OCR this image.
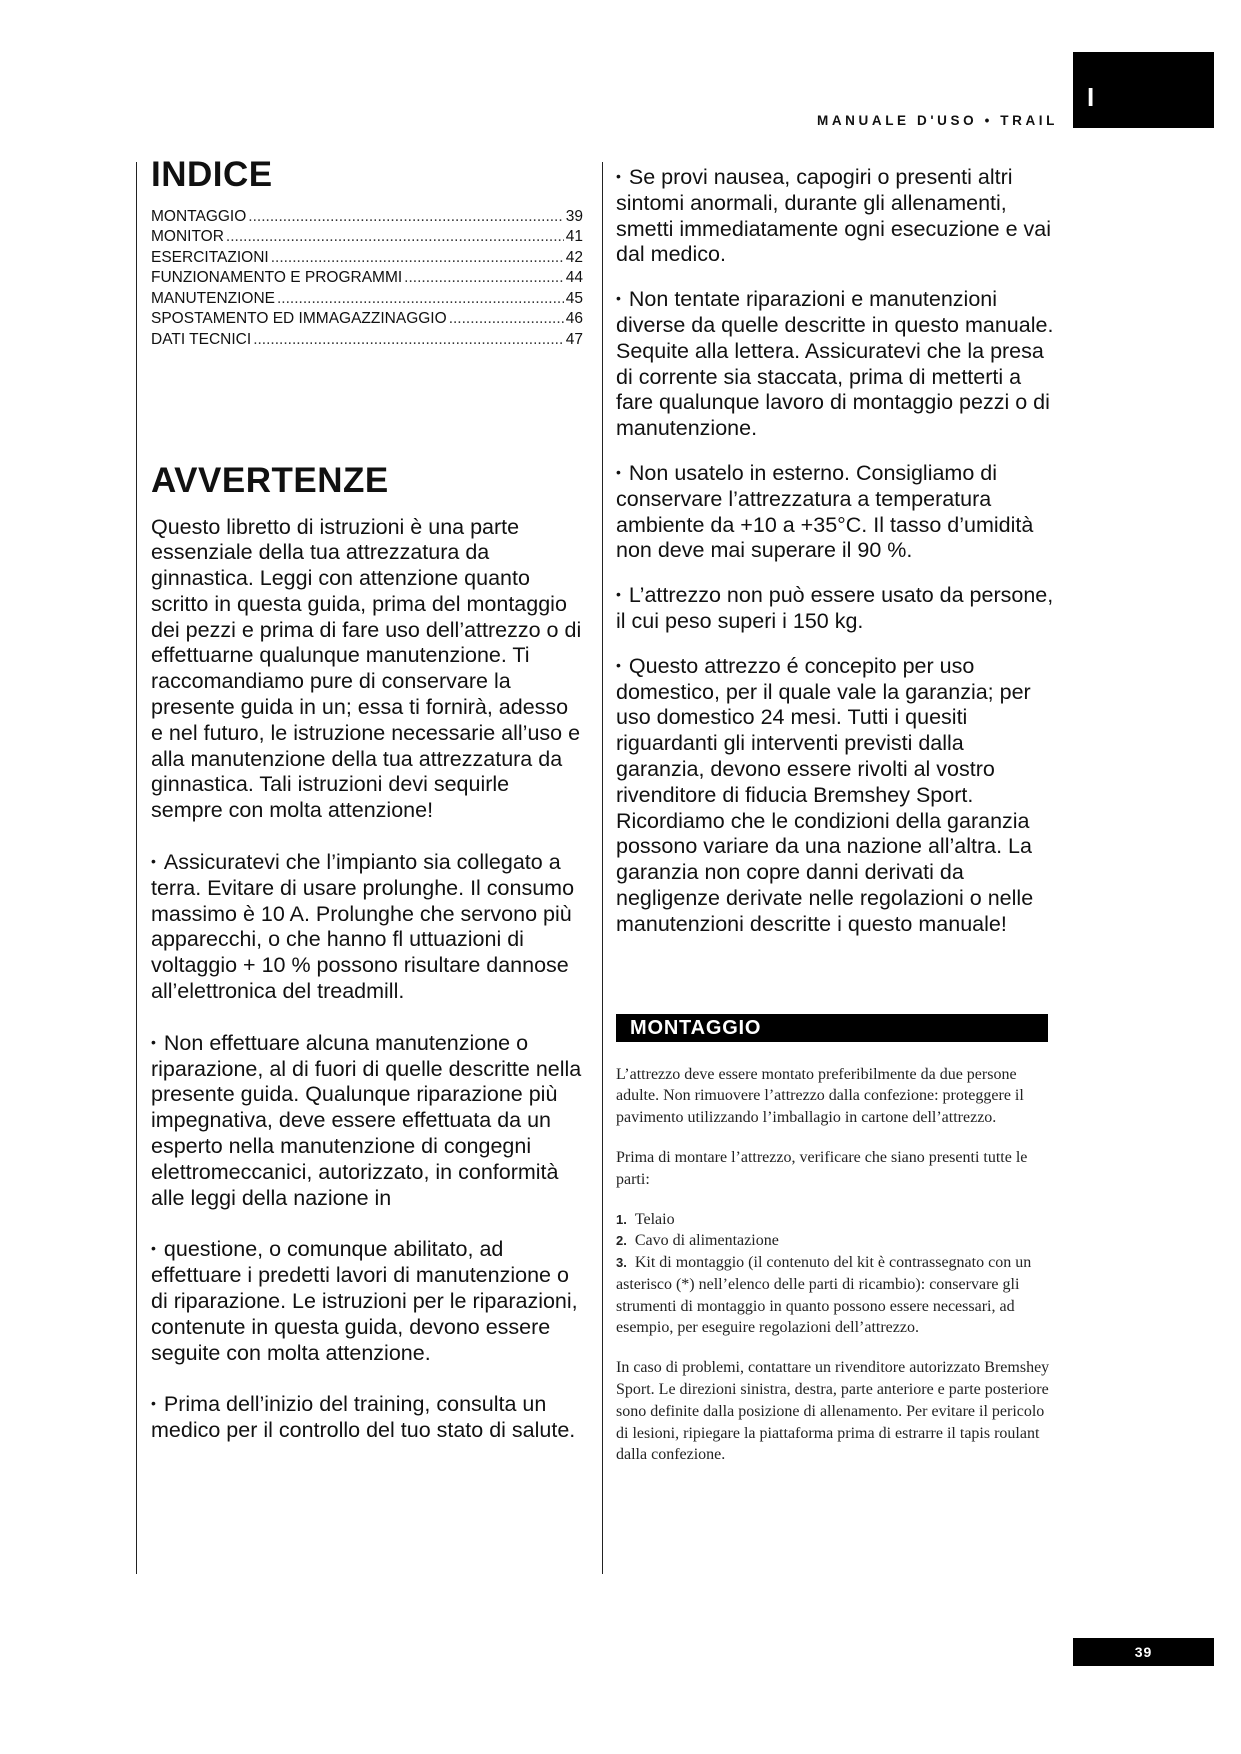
I
MANUALE D'USO • TRAIL
INDICE
MONTAGGIO .....	39
MONITOR .....	41
ESERCITAZIONI .....	42
FUNZIONAMENTO E PROGRAMMI .....	44
MANUTENZIONE .....	45
SPOSTAMENTO ED IMMAGAZZINAGGIO .....	46
DATI TECNICI .....	47
AVVERTENZE

Questo libretto di istruzioni è una parte essenziale della tua attrezzatura da ginnastica. Leggi con attenzione quanto scritto in questa guida, prima del montaggio dei pezzi e prima di fare uso dell’attrezzo o di effettuarne qualunque manutenzione. Ti raccomandiamo pure di conservare la presente guida in un; essa ti fornirà, adesso e nel futuro, le istruzione necessarie all’uso e alla manutenzione della tua attrezzatura da ginnastica. Tali istruzioni devi sequirle sempre con molta attenzione!

• Assicuratevi che l’impianto sia collegato a terra. Evitare di usare prolunghe. Il consumo massimo è 10 A. Prolunghe che servono più apparecchi, o che hanno fl uttuazioni di voltaggio + 10 % possono risultare dannose all’elettronica del treadmill.

• Non effettuare alcuna manutenzione o riparazione, al di fuori di quelle descritte nella presente guida. Qualunque riparazione più impegnativa, deve essere effettuata da un esperto nella manutenzione di congegni elettromeccanici, autorizzato, in conformità alle leggi della nazione in

• questione, o comunque abilitato, ad effettuare i predetti lavori di manutenzione o di riparazione. Le istruzioni per le riparazioni, contenute in questa guida, devono essere seguite con molta attenzione.

• Prima dell’inizio del training, consulta un medico per il controllo del tuo stato di salute.

• Se provi nausea, capogiri o presenti altri sintomi anormali, durante gli allenamenti, smetti immediatamente ogni esecuzione e vai dal medico.

• Non tentate riparazioni e manutenzioni diverse da quelle descritte in questo manuale. Sequite alla lettera. Assicuratevi che la presa di corrente sia staccata, prima di metterti a fare qualunque lavoro di montaggio pezzi o di manutenzione.

• Non usatelo in esterno. Consigliamo di conservare l’attrezzatura a temperatura ambiente da +10 a +35°C. Il tasso d’umidità non deve mai superare il 90 %.

• L’attrezzo non può essere usato da persone, il cui peso superi i 150 kg.

• Questo attrezzo é concepito per uso domestico, per il quale vale la garanzia; per uso domestico 24 mesi. Tutti i quesiti riguardanti gli interventi previsti dalla garanzia, devono essere rivolti al vostro rivenditore di fiducia Bremshey Sport. Ricordiamo che le condizioni della garanzia possono variare da una nazione all’altra. La garanzia non copre danni derivati da negligenze derivate nelle regolazioni o nelle manutenzioni descritte i questo manuale!

MONTAGGIO

L’attrezzo deve essere montato preferibilmente da due persone adulte. Non rimuovere l’attrezzo dalla confezione: proteggere il pavimento utilizzando l’imballagio in cartone dell’attrezzo.

Prima di montare l’attrezzo, verificare che siano presenti tutte le parti:

1. Telaio
2. Cavo di alimentazione
3. Kit di montaggio (il contenuto del kit è contrassegnato con un asterisco (*) nell’elenco delle parti di ricambio): conservare gli strumenti di montaggio in quanto possono essere necessari, ad esempio, per eseguire regolazioni dell’attrezzo.

In caso di problemi, contattare un rivenditore autorizzato Bremshey Sport. Le direzioni sinistra, destra, parte anteriore e parte posteriore sono definite dalla posizione di allenamento. Per evitare il pericolo di lesioni, ripiegare la piattaforma prima di estrarre il tapis roulant dalla confezione.

39
